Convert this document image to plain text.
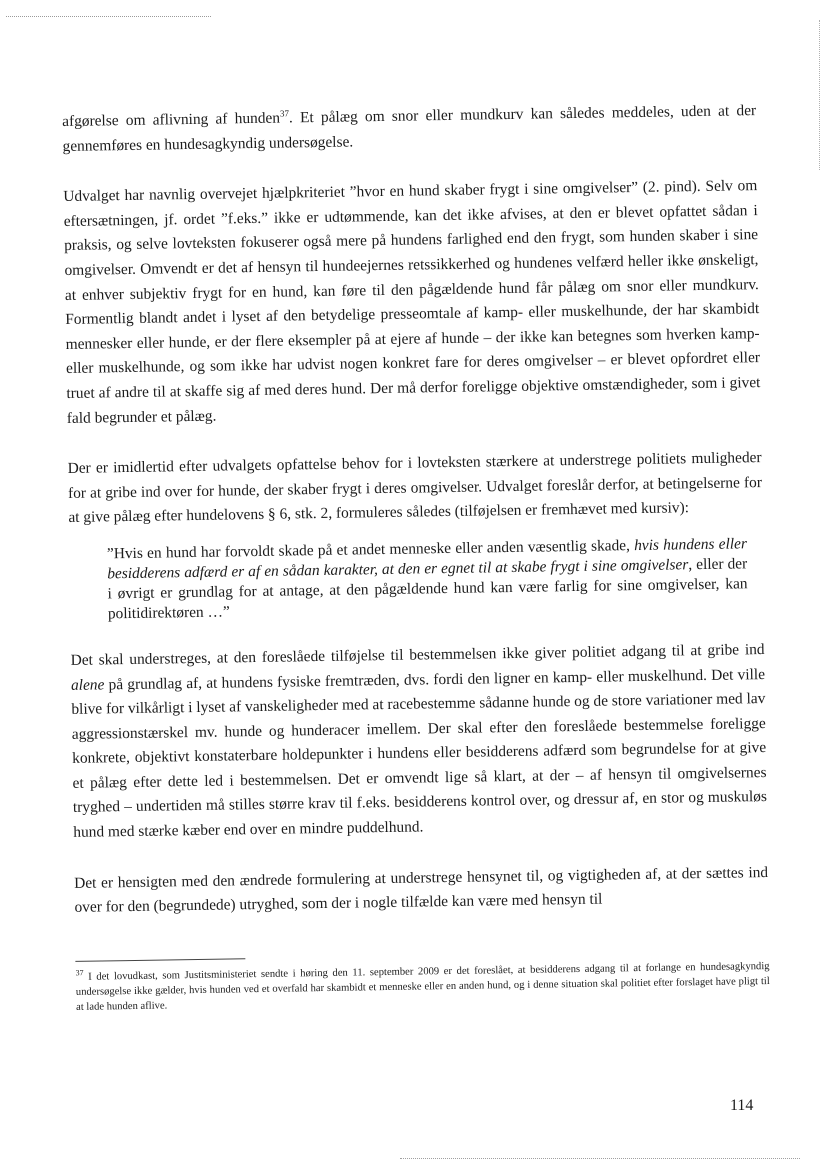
afgørelse om aflivning af hunden$^{37}$. Et pålæg om snor eller mundkurv kan således meddeles, uden at der gennemføres en hundesagkyndig undersøgelse.

Udvalget har navnlig overvejet hjælpkriteriet ”hvor en hund skaber frygt i sine omgivelser” (2. pind). Selv om eftersætningen, jf. ordet ”f.eks.” ikke er udtømmende, kan det ikke afvises, at den er blevet opfattet sådan i praksis, og selve lovteksten fokuserer også mere på hundens farlighed end den frygt, som hunden skaber i sine omgivelser. Omvendt er det af hensyn til hundeejernes retssikkerhed og hundenes velfærd heller ikke ønskeligt, at enhver subjektiv frygt for en hund, kan føre til den pågældende hund får pålæg om snor eller mundkurv. Formentlig blandt andet i lyset af den betydelige presseomtale af kamp- eller muskelhunde, der har skambidt mennesker eller hunde, er der flere eksempler på at ejere af hunde – der ikke kan betegnes som hverken kamp- eller muskelhunde, og som ikke har udvist nogen konkret fare for deres omgivelser – er blevet opfordret eller truet af andre til at skaffe sig af med deres hund. Der må derfor foreligge objektive omstændigheder, som i givet fald begrunder et pålæg.

Der er imidlertid efter udvalgets opfattelse behov for i lovteksten stærkere at understrege politiets muligheder for at gribe ind over for hunde, der skaber frygt i deres omgivelser. Udvalget foreslår derfor, at betingelserne for at give pålæg efter hundelovens § 6, stk. 2, formuleres således (tilføjelsen er fremhævet med kursiv):

”Hvis en hund har forvoldt skade på et andet menneske eller anden væsentlig skade, hvis hundens eller besidderens adfærd er af en sådan karakter, at den er egnet til at skabe frygt i sine omgivelser, eller der i øvrigt er grundlag for at antage, at den pågældende hund kan være farlig for sine omgivelser, kan politidirektøren …”

Det skal understreges, at den foreslåede tilføjelse til bestemmelsen ikke giver politiet adgang til at gribe ind alene på grundlag af, at hundens fysiske fremtræden, dvs. fordi den ligner en kamp- eller muskelhund. Det ville blive for vilkårligt i lyset af vanskeligheder med at racebestemme sådanne hunde og de store variationer med lav aggressionstærskel mv. hunde og hunderacer imellem. Der skal efter den foreslåede bestemmelse foreligge konkrete, objektivt konstaterbare holdepunkter i hundens eller besidderens adfærd som begrundelse for at give et pålæg efter dette led i bestemmelsen. Det er omvendt lige så klart, at der – af hensyn til omgivelsernes tryghed – undertiden må stilles større krav til f.eks. besidderens kontrol over, og dressur af, en stor og muskuløs hund med stærke kæber end over en mindre puddelhund.

Det er hensigten med den ændrede formulering at understrege hensynet til, og vigtigheden af, at der sættes ind over for den (begrundede) utryghed, som der i nogle tilfælde kan være med hensyn til

$^{37}$ I det lovudkast, som Justitsministeriet sendte i høring den 11. september 2009 er det foreslået, at besidderens adgang til at forlange en hundesagkyndig undersøgelse ikke gælder, hvis hunden ved et overfald har skambidt et menneske eller en anden hund, og i denne situation skal politiet efter forslaget have pligt til at lade hunden aflive.

114
